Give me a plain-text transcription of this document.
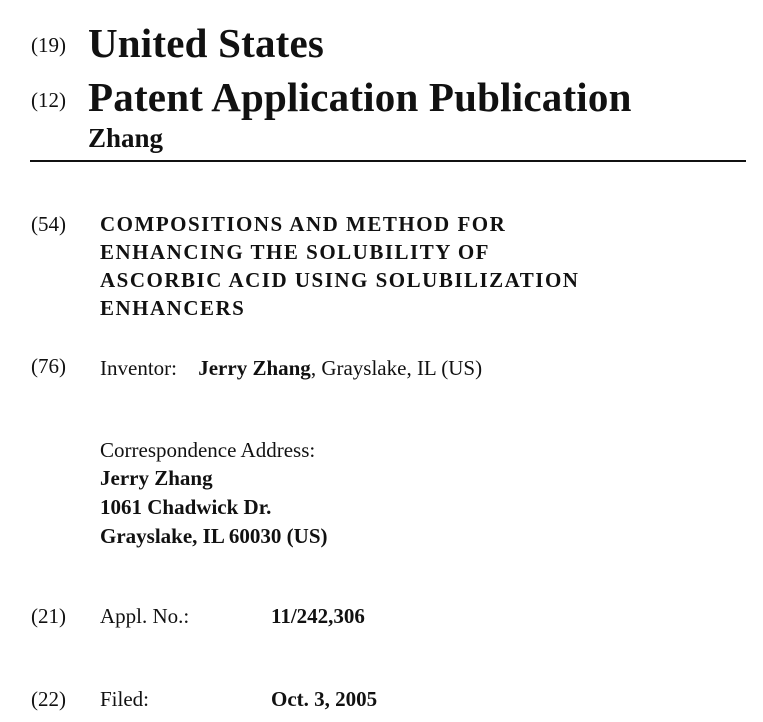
(19) United States
(12) Patent Application Publication
Zhang
(54) COMPOSITIONS AND METHOD FOR
ENHANCING THE SOLUBILITY OF
ASCORBIC ACID USING SOLUBILIZATION
ENHANCERS
(76) Inventor: Jerry Zhang, Grayslake, IL (US)
Correspondence Address:
Jerry Zhang
1061 Chadwick Dr.
Grayslake, IL 60030 (US)
(21) Appl. No.:	11/242,306
(22) Filed:	Oct. 3, 2005
